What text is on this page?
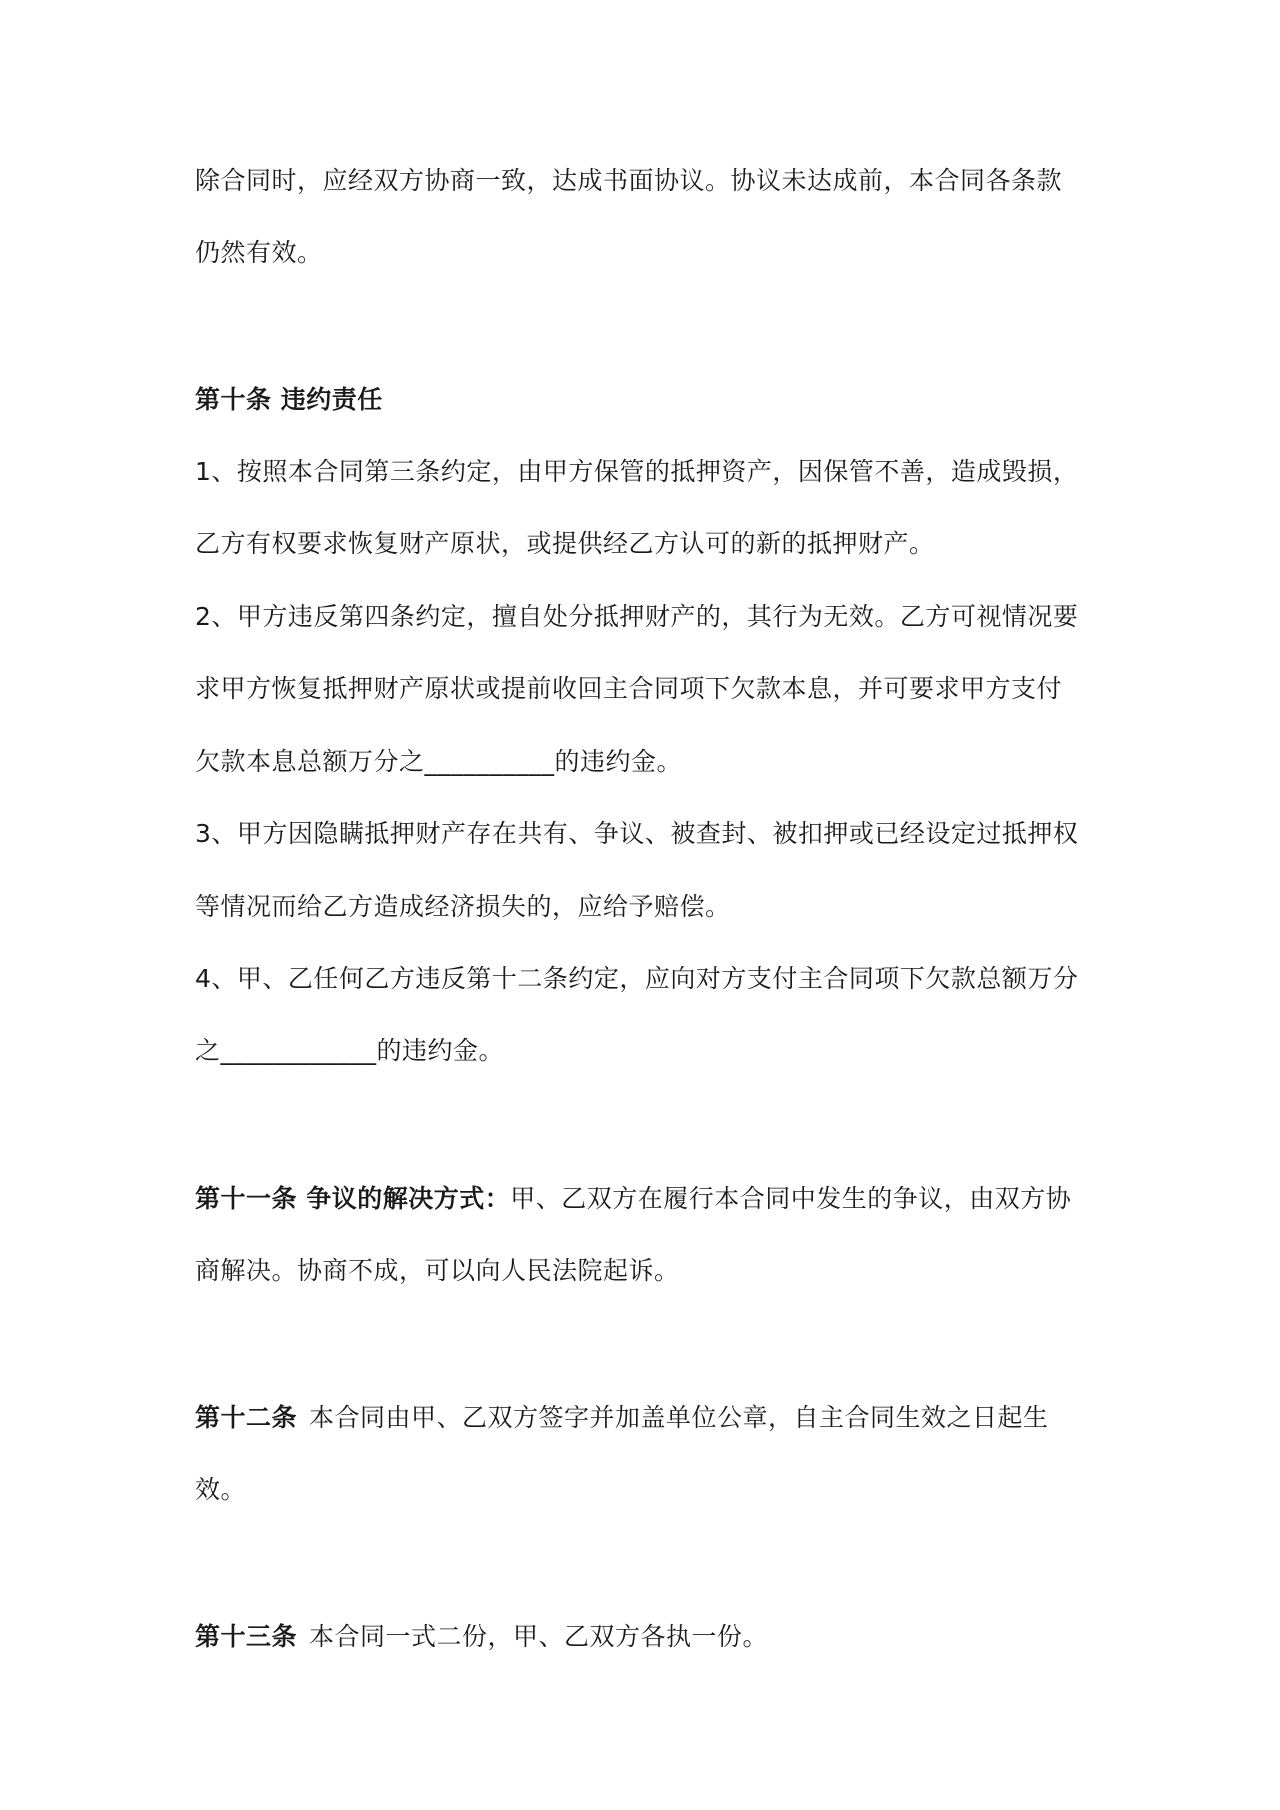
除合同时，应经双方协商一致，达成书面协议。协议未达成前，本合同各条款
仍然有效。
第十条 违约责任
1、按照本合同第三条约定，由甲方保管的抵押资产，因保管不善，造成毁损，
乙方有权要求恢复财产原状，或提供经乙方认可的新的抵押财产。
2、甲方违反第四条约定，擅自处分抵押财产的，其行为无效。乙方可视情况要
求甲方恢复抵押财产原状或提前收回主合同项下欠款本息，并可要求甲方支付
欠款本息总额万分之__________的违约金。
3、甲方因隐瞒抵押财产存在共有、争议、被查封、被扣押或已经设定过抵押权
等情况而给乙方造成经济损失的，应给予赔偿。
4、甲、乙任何乙方违反第十二条约定，应向对方支付主合同项下欠款总额万分
之____________的违约金。
第十一条 争议的解决方式：甲、乙双方在履行本合同中发生的争议，由双方协
商解决。协商不成，可以向人民法院起诉。
第十二条 本合同由甲、乙双方签字并加盖单位公章，自主合同生效之日起生
效。
第十三条 本合同一式二份，甲、乙双方各执一份。
